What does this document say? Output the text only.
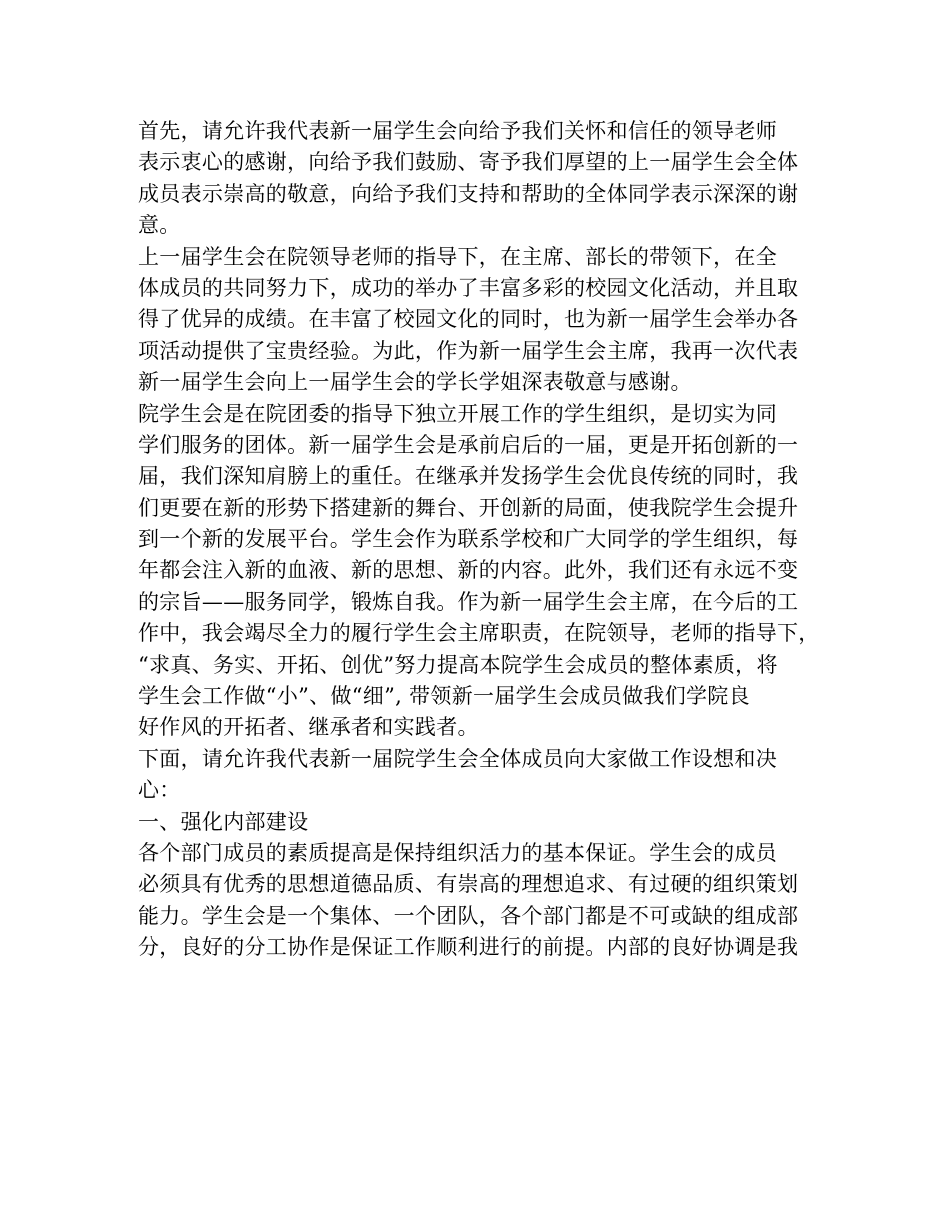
首先，请允许我代表新一届学生会向给予我们关怀和信任的领导老师
表示衷心的感谢，向给予我们鼓励、寄予我们厚望的上一届学生会全体
成员表示崇高的敬意，向给予我们支持和帮助的全体同学表示深深的谢
意。
上一届学生会在院领导老师的指导下，在主席、部长的带领下，在全
体成员的共同努力下，成功的举办了丰富多彩的校园文化活动，并且取
得了优异的成绩。在丰富了校园文化的同时，也为新一届学生会举办各
项活动提供了宝贵经验。为此，作为新一届学生会主席，我再一次代表
新一届学生会向上一届学生会的学长学姐深表敬意与感谢。
院学生会是在院团委的指导下独立开展工作的学生组织，是切实为同
学们服务的团体。新一届学生会是承前启后的一届，更是开拓创新的一
届，我们深知肩膀上的重任。在继承并发扬学生会优良传统的同时，我
们更要在新的形势下搭建新的舞台、开创新的局面，使我院学生会提升
到一个新的发展平台。学生会作为联系学校和广大同学的学生组织，每
年都会注入新的血液、新的思想、新的内容。此外，我们还有永远不变
的宗旨——服务同学，锻炼自我。作为新一届学生会主席，在今后的工
作中，我会竭尽全力的履行学生会主席职责，在院领导，老师的指导下，
“求真、务实、开拓、创优”努力提高本院学生会成员的整体素质，将
学生会工作做“小”、做“细”, 带领新一届学生会成员做我们学院良
好作风的开拓者、继承者和实践者。
下面，请允许我代表新一届院学生会全体成员向大家做工作设想和决
心：
一、强化内部建设
各个部门成员的素质提高是保持组织活力的基本保证。学生会的成员
必须具有优秀的思想道德品质、有崇高的理想追求、有过硬的组织策划
能力。学生会是一个集体、一个团队，各个部门都是不可或缺的组成部
分，良好的分工协作是保证工作顺利进行的前提。内部的良好协调是我
